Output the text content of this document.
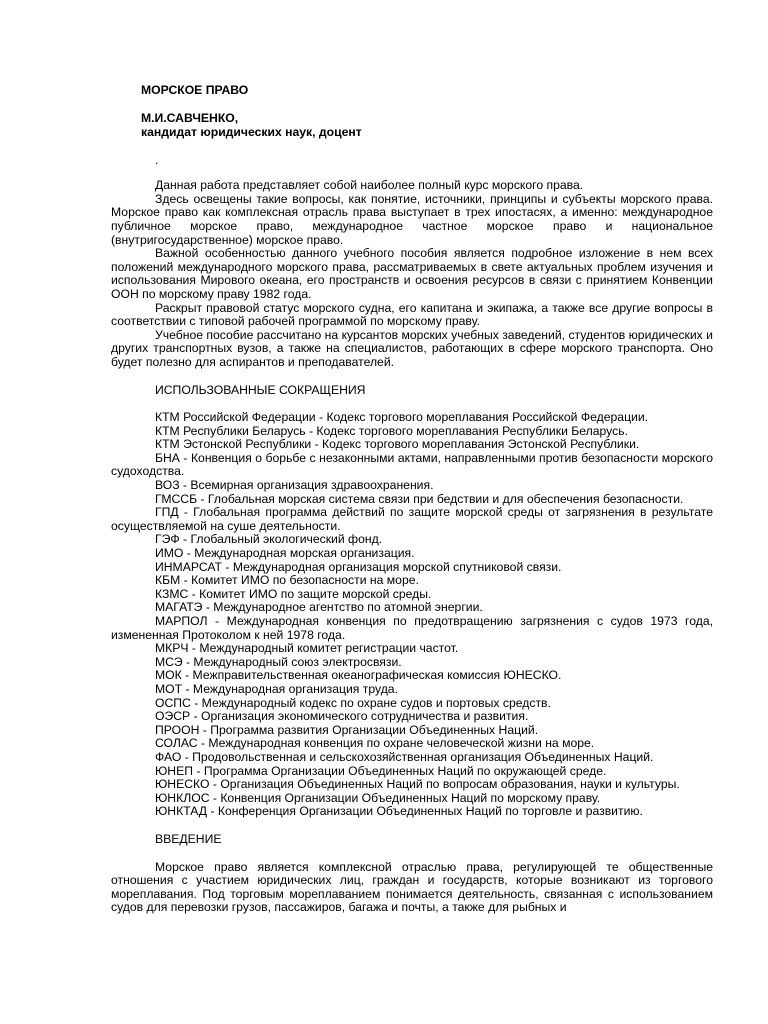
МОРСКОЕ ПРАВО

М.И.САВЧЕНКО,

кандидат юридических наук, доцент

.

Данная работа представляет собой наиболее полный курс морского права.

Здесь освещены такие вопросы, как понятие, источники, принципы и субъекты морского права. Морское право как комплексная отрасль права выступает в трех ипостасях, а именно: международное публичное морское право, международное частное морское право и национальное (внутригосударственное) морское право.

Важной особенностью данного учебного пособия является подробное изложение в нем всех положений международного морского права, рассматриваемых в свете актуальных проблем изучения и использования Мирового океана, его пространств и освоения ресурсов в связи с принятием Конвенции ООН по морскому праву 1982 года.

Раскрыт правовой статус морского судна, его капитана и экипажа, а также все другие вопросы в соответствии с типовой рабочей программой по морскому праву.

Учебное пособие рассчитано на курсантов морских учебных заведений, студентов юридических и других транспортных вузов, а также на специалистов, работающих в сфере морского транспорта. Оно будет полезно для аспирантов и преподавателей.

ИСПОЛЬЗОВАННЫЕ СОКРАЩЕНИЯ

КТМ Российской Федерации - Кодекс торгового мореплавания Российской Федерации.

КТМ Республики Беларусь - Кодекс торгового мореплавания Республики Беларусь.

КТМ Эстонской Республики - Кодекс торгового мореплавания Эстонской Республики.

БНА - Конвенция о борьбе с незаконными актами, направленными против безопасности морского судоходства.

ВОЗ - Всемирная организация здравоохранения.

ГМССБ - Глобальная морская система связи при бедствии и для обеспечения безопасности.

ГПД - Глобальная программа действий по защите морской среды от загрязнения в результате осуществляемой на суше деятельности.

ГЭФ - Глобальный экологический фонд.

ИМО - Международная морская организация.

ИНМАРСАТ - Международная организация морской спутниковой связи.

КБМ - Комитет ИМО по безопасности на море.

КЗМС - Комитет ИМО по защите морской среды.

МАГАТЭ - Международное агентство по атомной энергии.

МАРПОЛ - Международная конвенция по предотвращению загрязнения с судов 1973 года, измененная Протоколом к ней 1978 года.

МКРЧ - Международный комитет регистрации частот.

МСЭ - Международный союз электросвязи.

МОК - Межправительственная океанографическая комиссия ЮНЕСКО.

МОТ - Международная организация труда.

ОСПС - Международный кодекс по охране судов и портовых средств.

ОЭСР - Организация экономического сотрудничества и развития.

ПРООН - Программа развития Организации Объединенных Наций.

СОЛАС - Международная конвенция по охране человеческой жизни на море.

ФАО - Продовольственная и сельскохозяйственная организация Объединенных Наций.

ЮНЕП - Программа Организации Объединенных Наций по окружающей среде.

ЮНЕСКО - Организация Объединенных Наций по вопросам образования, науки и культуры.

ЮНКЛОС - Конвенция Организации Объединенных Наций по морскому праву.

ЮНКТАД - Конференция Организации Объединенных Наций по торговле и развитию.

ВВЕДЕНИЕ

Морское право является комплексной отраслью права, регулирующей те общественные отношения с участием юридических лиц, граждан и государств, которые возникают из торгового мореплавания. Под торговым мореплаванием понимается деятельность, связанная с использованием судов для перевозки грузов, пассажиров, багажа и почты, а также для рыбных и
